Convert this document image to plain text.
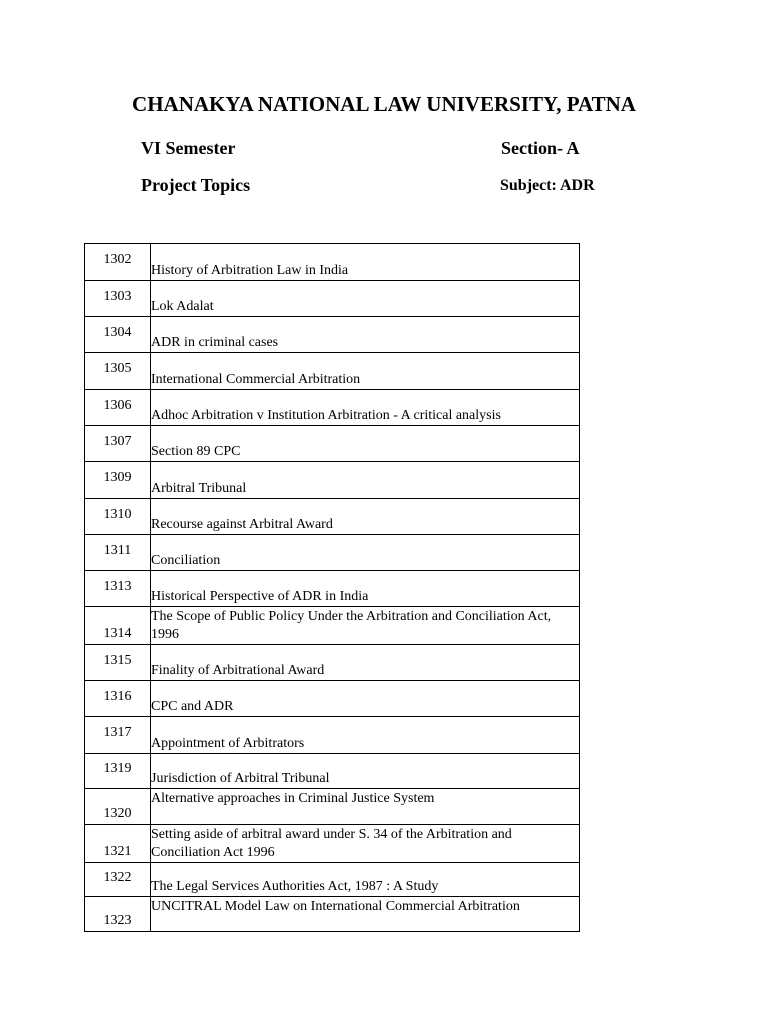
CHANAKYA NATIONAL LAW UNIVERSITY, PATNA

VI Semester	Section- A

Project Topics	Subject: ADR

1302	History of Arbitration Law in India
1303	Lok Adalat
1304	ADR in criminal cases
1305	International Commercial Arbitration
1306	Adhoc Arbitration v Institution Arbitration - A critical analysis
1307	Section 89 CPC
1309	Arbitral Tribunal
1310	Recourse against Arbitral Award
1311	Conciliation
1313	Historical Perspective of ADR in India
1314	The Scope of Public Policy Under the Arbitration and Conciliation Act, 1996
1315	Finality of Arbitrational Award
1316	CPC and ADR
1317	Appointment of Arbitrators
1319	Jurisdiction of Arbitral Tribunal
1320	Alternative approaches in Criminal Justice System
1321	Setting aside of arbitral award under S. 34 of the Arbitration and Conciliation Act 1996
1322	The Legal Services Authorities Act, 1987 : A Study
1323	UNCITRAL Model Law on International Commercial Arbitration
